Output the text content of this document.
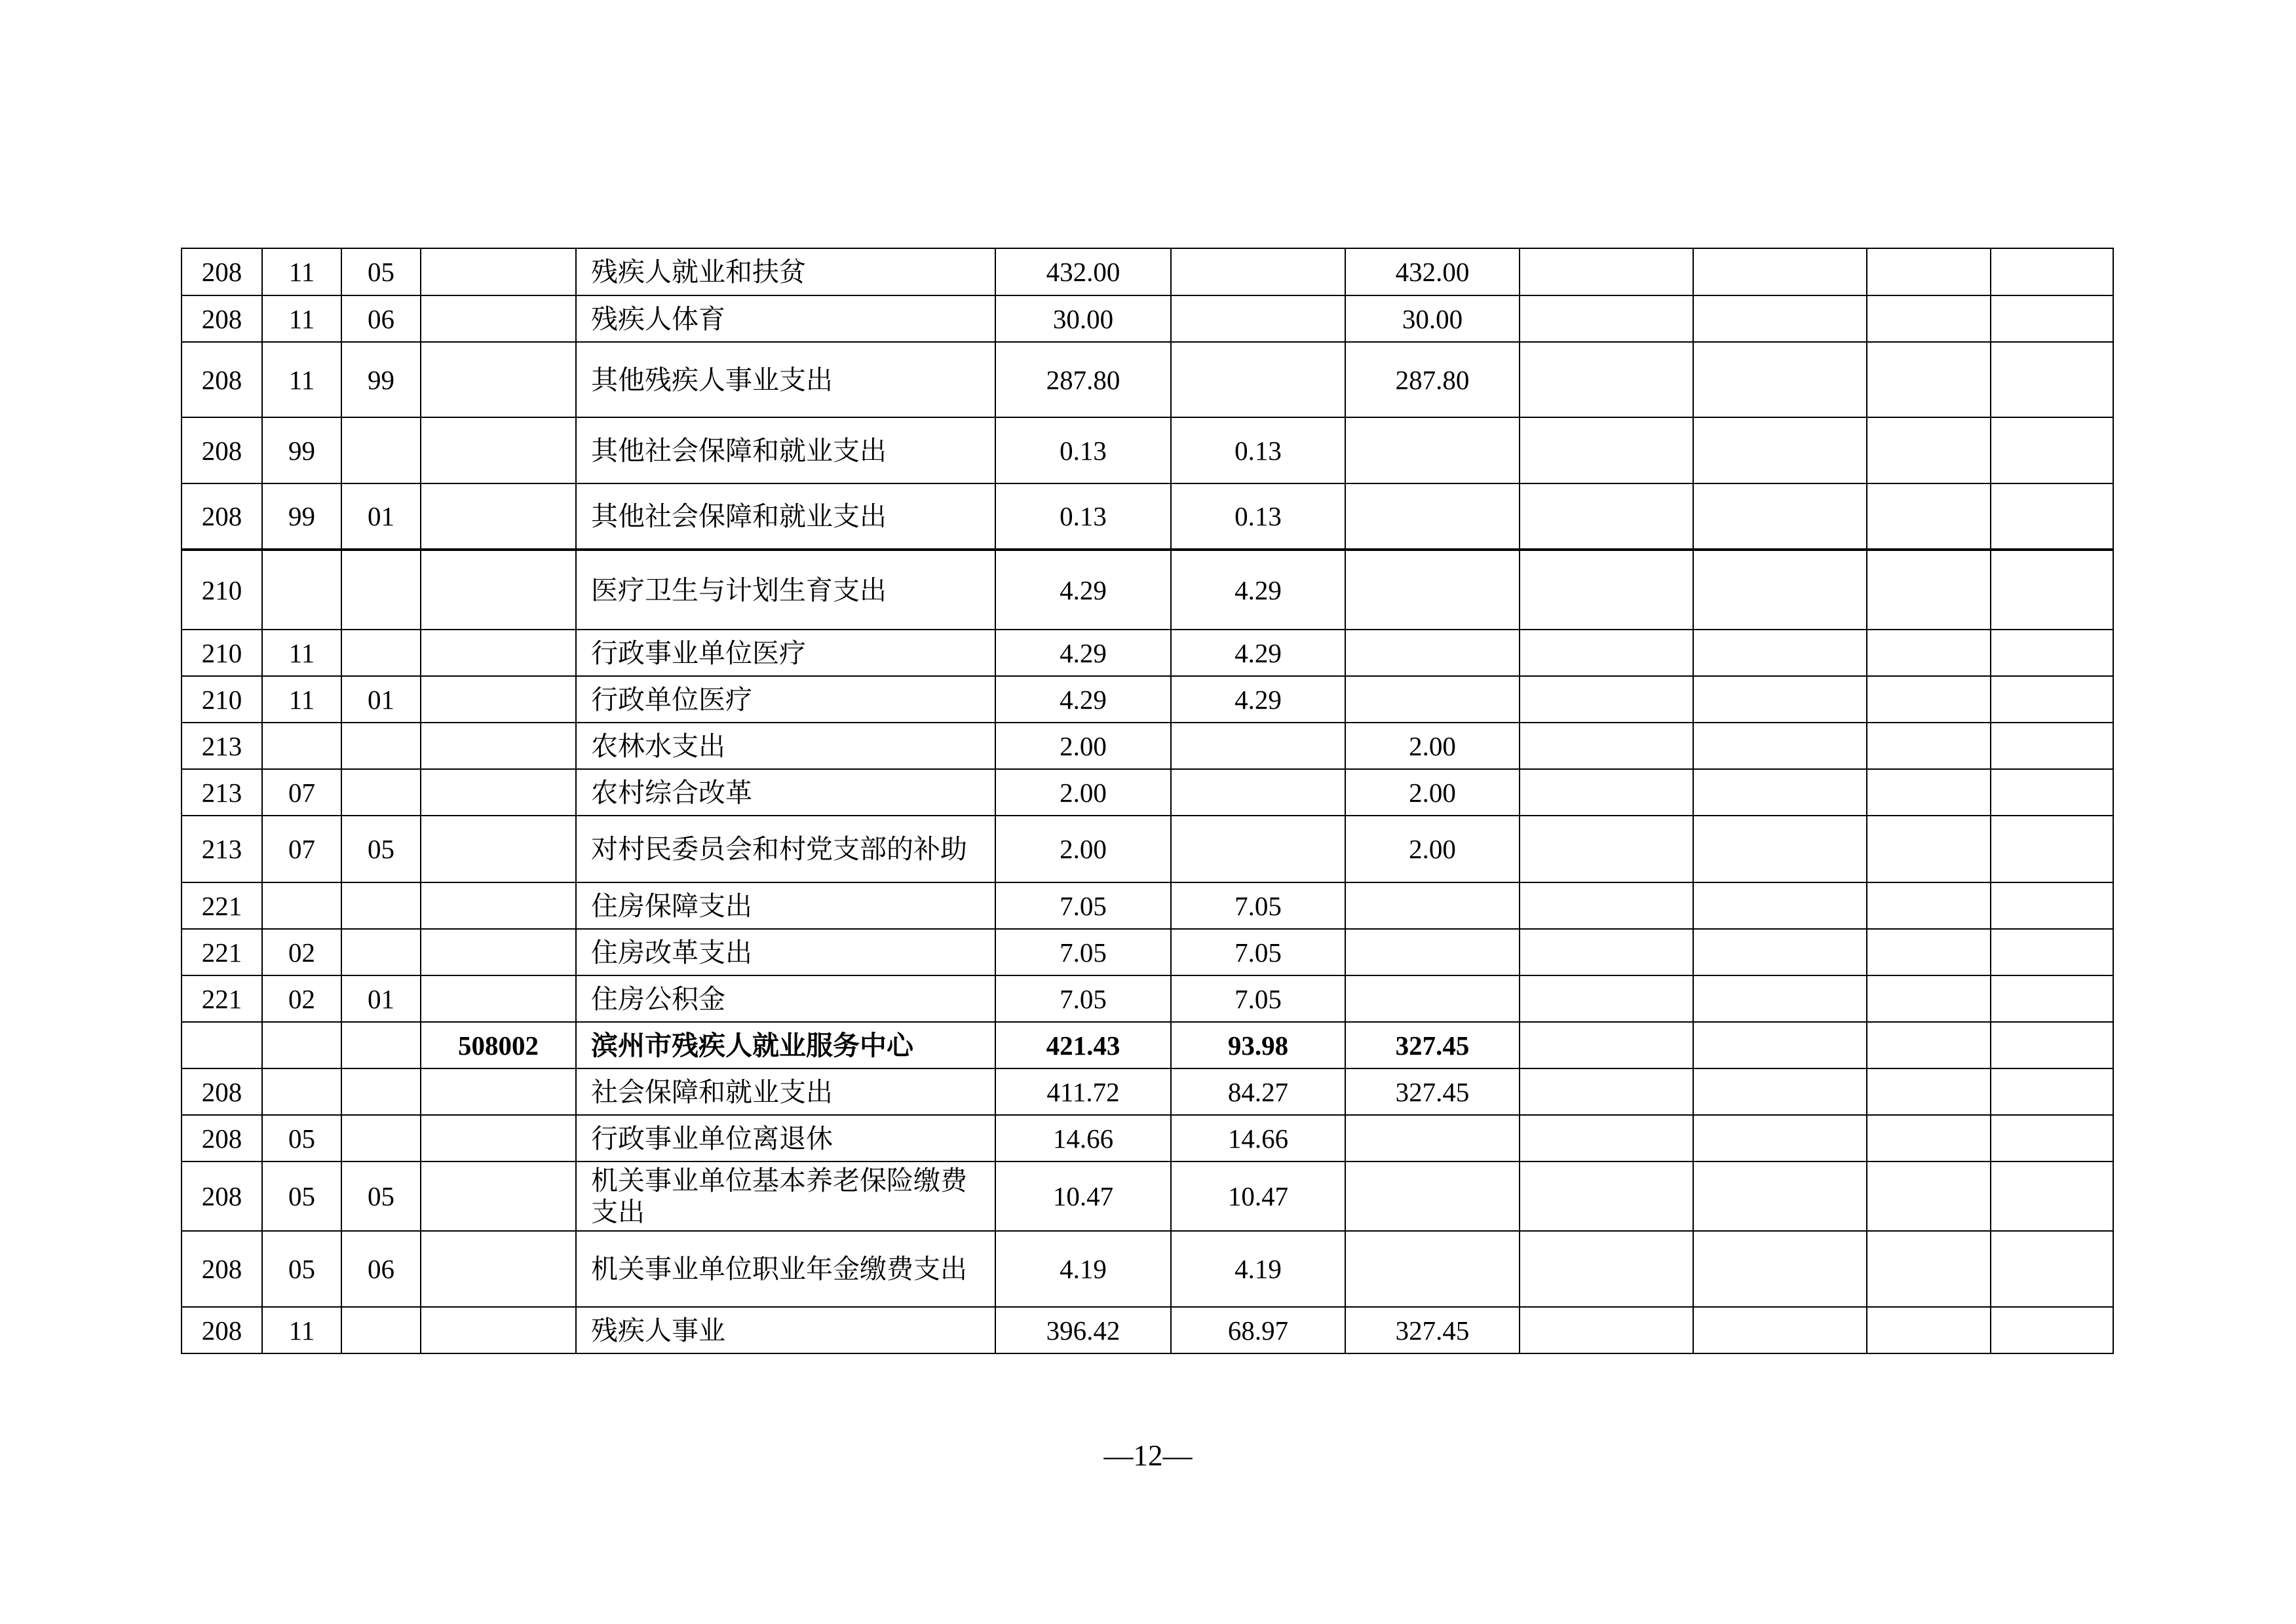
208	11	05		残疾人就业和扶贫	432.00		432.00				
208	11	06		残疾人体育	30.00		30.00				
208	11	99		其他残疾人事业支出	287.80		287.80				
208	99			其他社会保障和就业支出	0.13	0.13					
208	99	01		其他社会保障和就业支出	0.13	0.13					
210				医疗卫生与计划生育支出	4.29	4.29					
210	11			行政事业单位医疗	4.29	4.29					
210	11	01		行政单位医疗	4.29	4.29					
213				农林水支出	2.00		2.00				
213	07			农村综合改革	2.00		2.00				
213	07	05		对村民委员会和村党支部的补助	2.00		2.00				
221				住房保障支出	7.05	7.05					
221	02			住房改革支出	7.05	7.05					
221	02	01		住房公积金	7.05	7.05					
			508002	滨州市残疾人就业服务中心	421.43	93.98	327.45				
208				社会保障和就业支出	411.72	84.27	327.45				
208	05			行政事业单位离退休	14.66	14.66					
208	05	05		机关事业单位基本养老保险缴费支出	10.47	10.47					
208	05	06		机关事业单位职业年金缴费支出	4.19	4.19					
208	11			残疾人事业	396.42	68.97	327.45				
—12—
